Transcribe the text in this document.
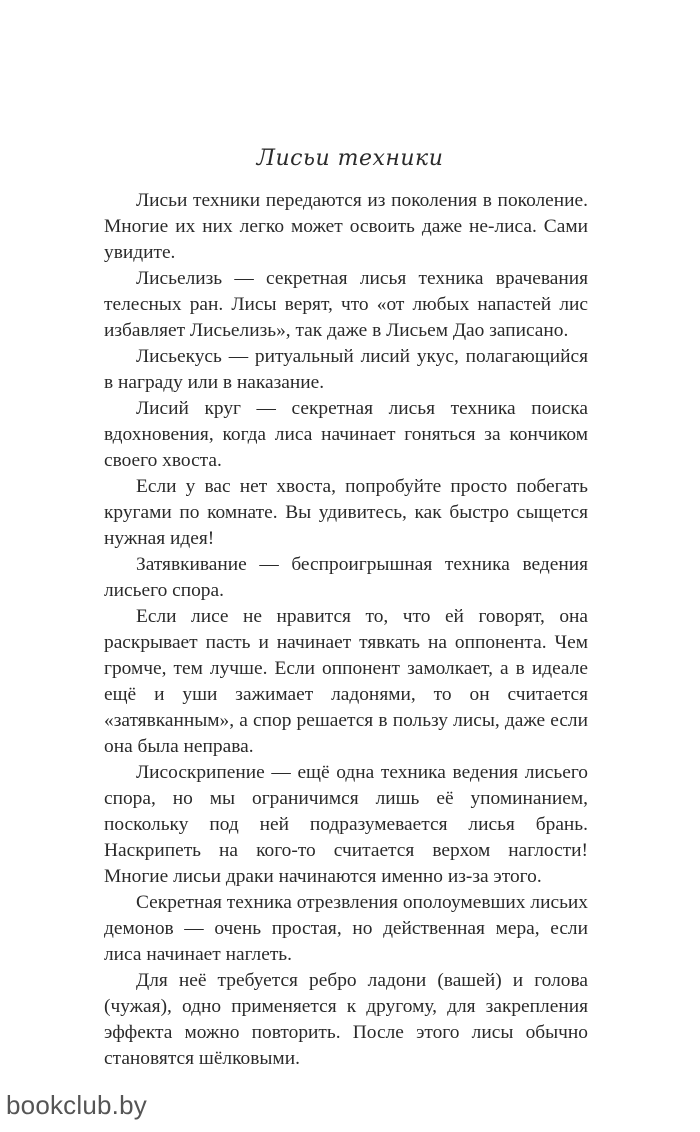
Лисьи техники

Лисьи техники передаются из поколения в поколение. Многие их них легко может освоить даже не-лиса. Сами увидите.

Лисьелизь — секретная лисья техника врачевания телесных ран. Лисы верят, что «от любых напастей лис избавляет Лисьелизь», так даже в Лисьем Дао записано.

Лисьекусь — ритуальный лисий укус, полагающийся в награду или в наказание.

Лисий круг — секретная лисья техника поиска вдохновения, когда лиса начинает гоняться за кончиком своего хвоста.

Если у вас нет хвоста, попробуйте просто побегать кругами по комнате. Вы удивитесь, как быстро сыщется нужная идея!

Затявкивание — беспроигрышная техника ведения лисьего спора.

Если лисе не нравится то, что ей говорят, она раскрывает пасть и начинает тявкать на оппонента. Чем громче, тем лучше. Если оппонент замолкает, а в идеале ещё и уши зажимает ладонями, то он считается «затявканным», а спор решается в пользу лисы, даже если она была неправа.

Лисоскрипение — ещё одна техника ведения лисьего спора, но мы ограничимся лишь её упоминанием, поскольку под ней подразумевается лисья брань. Наскрипеть на кого-то считается верхом наглости! Многие лисьи драки начинаются именно из-за этого.

Секретная техника отрезвления ополоумевших лисьих демонов — очень простая, но действенная мера, если лиса начинает наглеть.

Для неё требуется ребро ладони (вашей) и голова (чужая), одно применяется к другому, для закрепления эффекта можно повторить. После этого лисы обычно становятся шёлковыми.

bookclub.by
